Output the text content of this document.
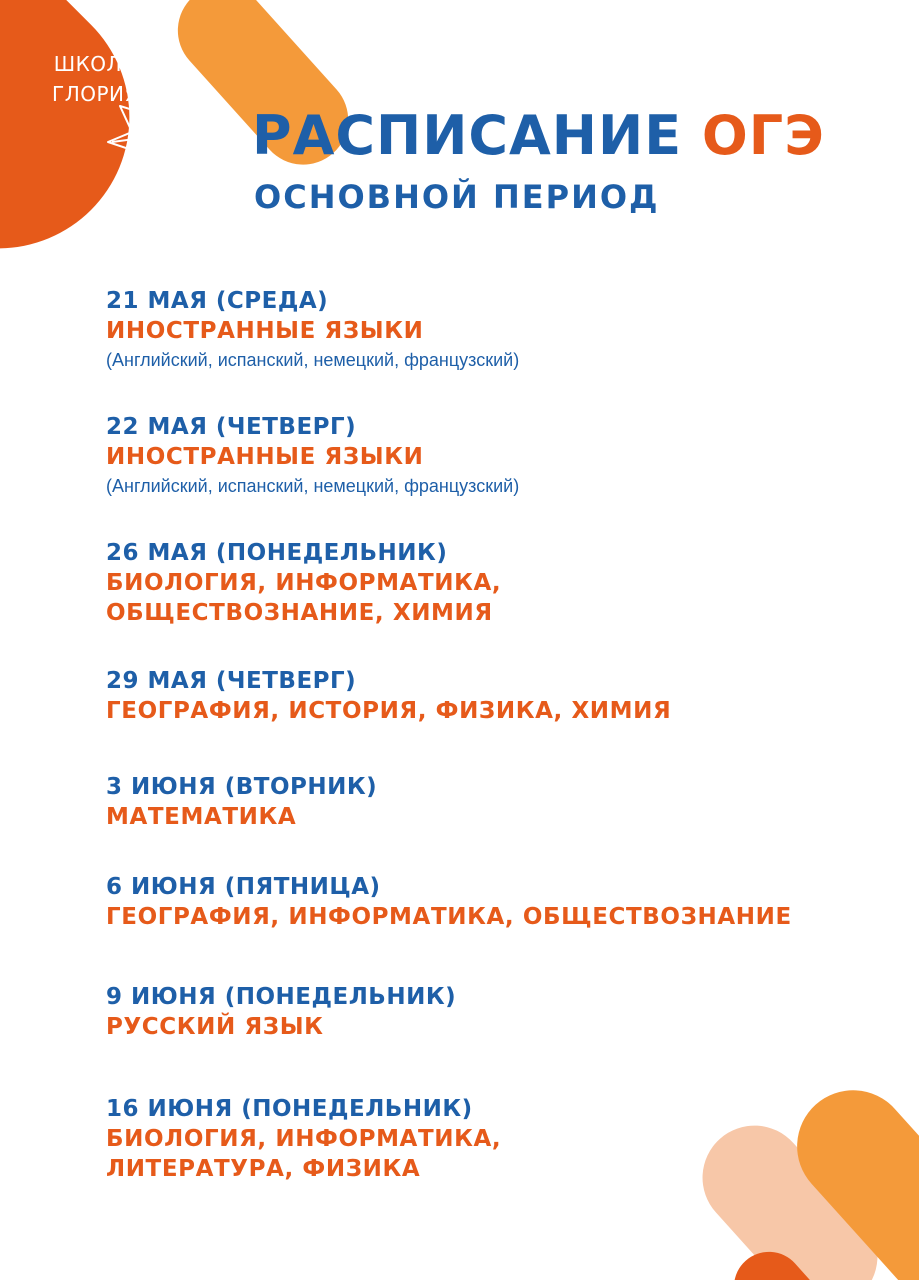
ШКОЛА
ГЛОРИЯ
РАСПИСАНИЕ ОГЭ
ОСНОВНОЙ ПЕРИОД
21 МАЯ (СРЕДА)
ИНОСТРАННЫЕ ЯЗЫКИ
(Английский, испанский, немецкий, французский)
22 МАЯ (ЧЕТВЕРГ)
ИНОСТРАННЫЕ ЯЗЫКИ
(Английский, испанский, немецкий, французский)
26 МАЯ (ПОНЕДЕЛЬНИК)
БИОЛОГИЯ, ИНФОРМАТИКА,
ОБЩЕСТВОЗНАНИЕ, ХИМИЯ
29 МАЯ (ЧЕТВЕРГ)
ГЕОГРАФИЯ, ИСТОРИЯ, ФИЗИКА, ХИМИЯ
3 ИЮНЯ (ВТОРНИК)
МАТЕМАТИКА
6 ИЮНЯ (ПЯТНИЦА)
ГЕОГРАФИЯ, ИНФОРМАТИКА, ОБЩЕСТВОЗНАНИЕ
9 ИЮНЯ (ПОНЕДЕЛЬНИК)
РУССКИЙ ЯЗЫК
16 ИЮНЯ (ПОНЕДЕЛЬНИК)
БИОЛОГИЯ, ИНФОРМАТИКА,
ЛИТЕРАТУРА, ФИЗИКА
